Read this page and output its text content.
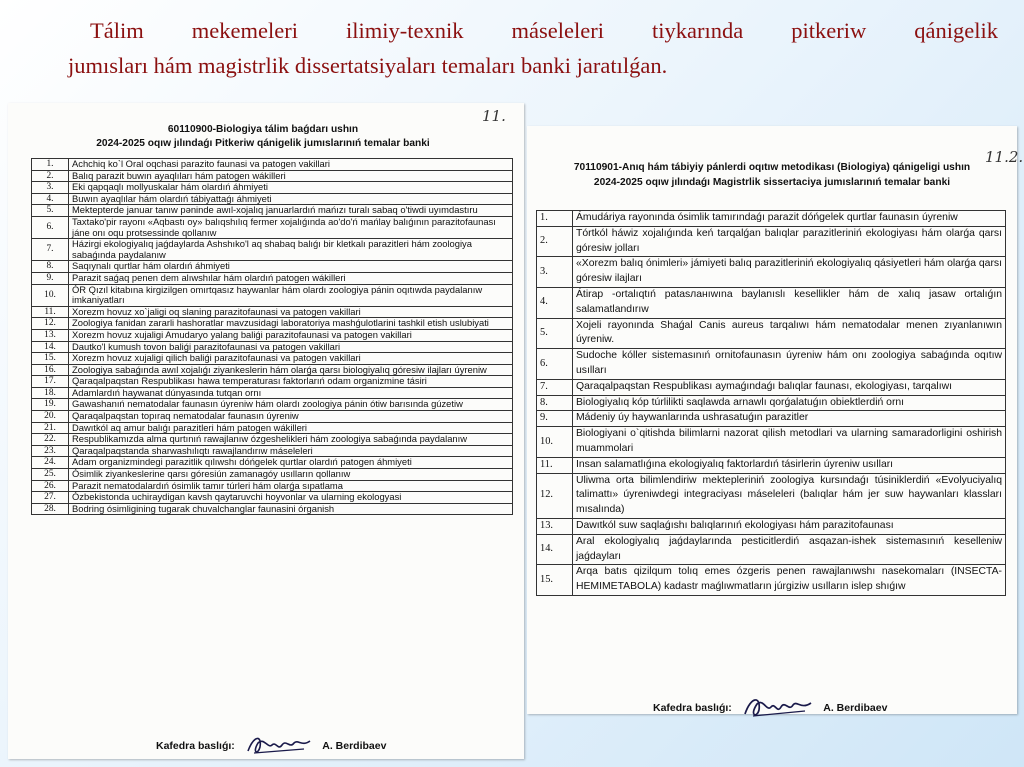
Tálim mekemeleri ilimiy-texnik máseleleri tiykarında pitkeriw qánigelik
jumısları hám magistrlik dissertatsiyaları temaları banki jaratılǵan.
11.
60110900-Biologiya tálim baǵdarı ushın
2024-2025 oqıw jılındaǵı Pitkeriw qánigelik jumıslarınıń temalar banki
1.	Achchiq ko`l Oral oqchasi parazito faunasi va patogen vakillari
2.	Balıq parazit buwın ayaqlıları hám patogen wákilleri
3.	Eki qapqaqlı mollyuskalar hám olardıń áhmiyeti
4.	Buwın ayaqlılar hám olardıń tábiyattaǵı áhmiyeti
5.	Mektepterde januar tanıw pəninde awıl-xojalıq januarlardıń mańızı turalı sabaq o'tiwdi uyımdastıru
6.	Taxtako'pir rayonı «Aqbastı oy» balıqshılıq fermer xojalıǵında ao'do'ń mańlay balıǵının parazitofaunası jáne onı oqu protsessinde qollanıw
7.	Házirgi ekologiyalıq jaǵdaylarda Ashshıko'l aq shabaq balıǵı bir kletkalı parazitleri hám zoologiya sabaǵında paydalanıw
8.	Saqıynalı qurtlar hám olardıń áhmiyeti
9.	Parazit saǵaq penen dem alıwshılar hám olardıń patogen wákilleri
10.	ÓR Qızıl kitabına kirgizilgen omırtqasız haywanlar hám olardı zoologiya pánin oqıtıwda paydalanıw imkaniyatları
11.	Xorezm hovuz xo`jaligi oq slaning parazitofaunasi va patogen vakillari
12.	Zoologiya fanidan zararli hashoratlar mavzusidagi laboratoriya mashǵulotlarini tashkil etish uslubiyati
13.	Xorezm hovuz xujaligi Amudaryo yalang baliǵi parazitofaunasi va patogen vakillari
14.	Dautko'l kumush tovon baliǵi parazitofaunasi va patogen vakillari
15.	Xorezm hovuz xujaligi qilich baliǵi parazitofaunasi va patogen vakillari
16.	Zoologiya sabaǵında awıl xojalıǵı ziyankeslerin hám olarǵa qarsı biologiyalıq góresiw ilajları úyreniw
17.	Qaraqalpaqstan Respublikası hawa temperaturası faktorlarıń odam organizmine tásiri
18.	Adamlardıń haywanat dúnyasında tutqan ornı
19.	Gawashanıń nematodalar faunasın úyreniw hám olardı zoologiya pánin ótiw barısında gúzetiw
20.	Qaraqalpaqstan topıraq nematodalar faunasın úyreniw
21.	Dawıtkól aq amur balıǵı parazitleri hám patogen wákilleri
22.	Respublikamızda alma qurtınıń rawajlanıw ózgeshelikleri hám zoologiya sabaǵında paydalanıw
23.	Qaraqalpaqstanda sharwashılıqtı rawajlandırıw máseleleri
24.	Adam organizmindegi parazitlik qılıwshı dóńgelek qurtlar olardıń patogen áhmiyeti
25.	Ósimlik ziyankeslerine qarsı góresiún zamanagóy usılların qollanıw
26.	Parazit nematodalardıń ósimlik tamır túrleri hám olarǵa sıpatlama
27.	Ózbekistonda uchiraydigan kavsh qaytaruvchi hoyvonlar va ularning ekologyasi
28.	Bodring ósimligining tugarak chuvalchanglar faunasini órganish
Kafedra baslıǵı:	A. Berdibaev
11.2.
70110901-Anıq hám tábiyiy pánlerdi oqıtıw metodikası (Biologiya) qánigeligi ushın
2024-2025 oqıw jılındaǵı Magistrlik sissertaciya jumıslarınıń temalar banki
1.	Ámudáriya rayonında ósimlik tamırındaǵı parazit dóńgelek qurtlar faunasın úyreniw
2.	Tórtkól háwiz xojalıǵında keń tarqalǵan balıqlar parazitleriniń ekologiyası hám olarǵa qarsı góresiw jolları
3.	«Xorezm balıq ónimleri» jámiyeti balıq parazitleriniń ekologiyalıq qásiyetleri hám olarǵa qarsı góresiw ilajları
4.	Átirap -ortalıqtıń patasланıwına baylanıslı kesellikler hám de xalıq jasaw ortalıǵın salamatlandırıw
5.	Xojeli rayonında Shaǵal Canis aureus tarqalıwı hám nematodalar menen zıyanlanıwın úyreniw.
6.	Sudoche kóller sistemasınıń ornitofaunasın úyreniw hám onı zoologiya sabaǵında oqıtıw usılları
7.	Qaraqalpaqstan Respublikası aymaǵındaǵı balıqlar faunası, ekologiyası, tarqalıwı
8.	Biologiyalıq kóp túrlilikti saqlawda arnawlı qorǵalatuǵın obiektlerdiń ornı
9.	Mádeniy úy haywanlarında ushrasatuǵın parazitler
10.	Biologiyani o`qitishda bilimlarni nazorat qilish metodlari va ularning samaradorligini oshirish muammolari
11.	Insan salamatlıǵına ekologiyalıq faktorlardıń tásirlerin úyreniw usılları
12.	Uliwma orta bilimlendiriw mektepleriniń zoologiya kursındaǵı túsiniklerdiń «Evolyuciyalıq talimattı» úyreniwdegi integraciyası máseleleri (balıqlar hám jer suw haywanları klassları mısalında)
13.	Dawıtkól suw saqlaǵıshı balıqlarınıń ekologiyası hám parazitofaunası
14.	Aral ekologiyalıq jaǵdaylarında pesticitlerdiń asqazan-ishek sistemasınıń keselleniw jaǵdayları
15.	Arqa batıs qizilqum tolıq emes ózgeris penen rawajlanıwshı nasekomaları (INSECTA-HEMIMETABOLA) kadastr maǵlıwmatların júrgiziw usılların islep shıǵıw
Kafedra baslıǵı:	A. Berdibaev
